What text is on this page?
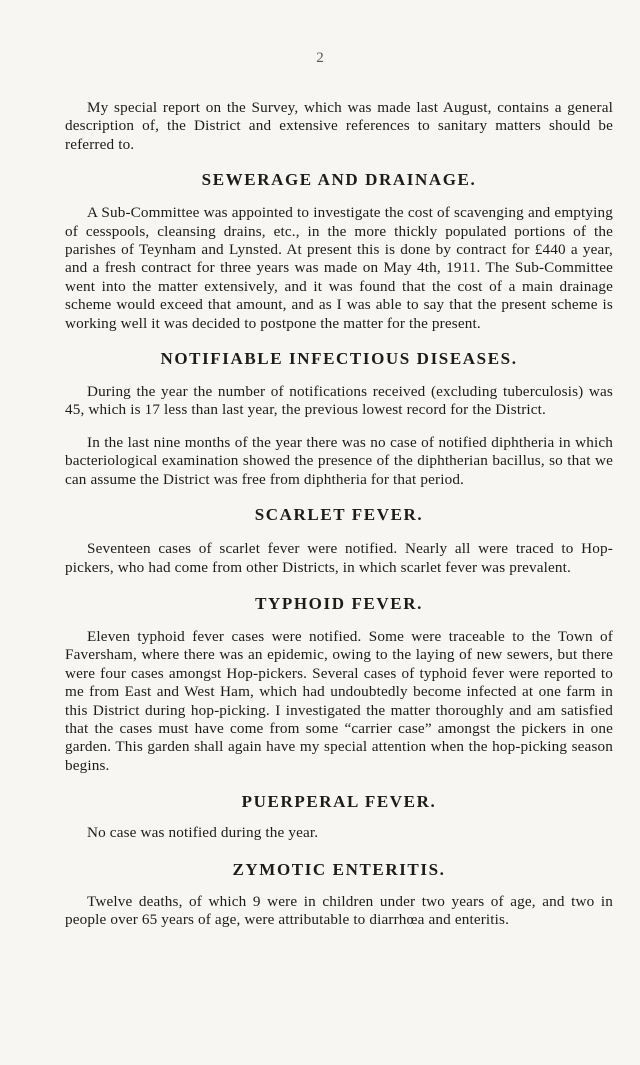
2

My special report on the Survey, which was made last August, contains a general description of, the District and extensive references to sanitary matters should be referred to.

SEWERAGE AND DRAINAGE.

A Sub-Committee was appointed to investigate the cost of scavenging and emptying of cesspools, cleansing drains, etc., in the more thickly populated portions of the parishes of Teynham and Lynsted. At present this is done by contract for £440 a year, and a fresh contract for three years was made on May 4th, 1911. The Sub-Committee went into the matter extensively, and it was found that the cost of a main drainage scheme would exceed that amount, and as I was able to say that the present scheme is working well it was decided to postpone the matter for the present.

NOTIFIABLE INFECTIOUS DISEASES.

During the year the number of notifications received (excluding tuberculosis) was 45, which is 17 less than last year, the previous lowest record for the District.

In the last nine months of the year there was no case of notified diphtheria in which bacteriological examination showed the presence of the diphtherian bacillus, so that we can assume the District was free from diphtheria for that period.

SCARLET FEVER.

Seventeen cases of scarlet fever were notified. Nearly all were traced to Hop-pickers, who had come from other Districts, in which scarlet fever was prevalent.

TYPHOID FEVER.

Eleven typhoid fever cases were notified. Some were traceable to the Town of Faversham, where there was an epidemic, owing to the laying of new sewers, but there were four cases amongst Hop-pickers. Several cases of typhoid fever were reported to me from East and West Ham, which had undoubtedly become infected at one farm in this District during hop-picking. I investigated the matter thoroughly and am satisfied that the cases must have come from some “carrier case” amongst the pickers in one garden. This garden shall again have my special attention when the hop-picking season begins.

PUERPERAL FEVER.

No case was notified during the year.

ZYMOTIC ENTERITIS.

Twelve deaths, of which 9 were in children under two years of age, and two in people over 65 years of age, were attributable to diarrhœa and enteritis.
